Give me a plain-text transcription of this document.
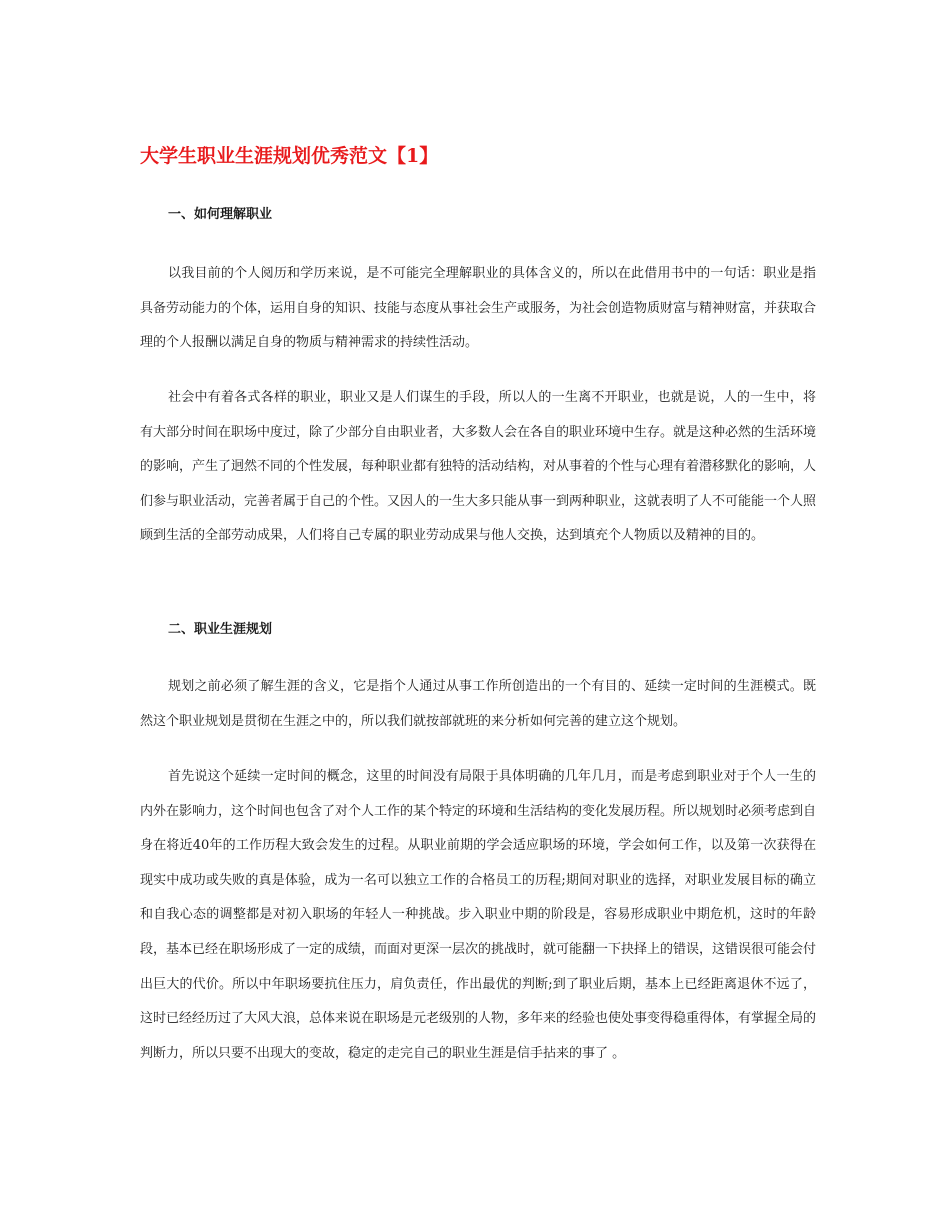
大学生职业生涯规划优秀范文【1】
一、如何理解职业

以我目前的个人阅历和学历来说，是不可能完全理解职业的具体含义的，所以在此借用书中的一句话：职业是指具备劳动能力的个体，运用自身的知识、技能与态度从事社会生产或服务，为社会创造物质财富与精神财富，并获取合理的个人报酬以满足自身的物质与精神需求的持续性活动。

社会中有着各式各样的职业，职业又是人们谋生的手段，所以人的一生离不开职业，也就是说，人的一生中，将有大部分时间在职场中度过，除了少部分自由职业者，大多数人会在各自的职业环境中生存。就是这种必然的生活环境的影响，产生了迥然不同的个性发展，每种职业都有独特的活动结构，对从事着的个性与心理有着潜移默化的影响，人们参与职业活动，完善者属于自己的个性。又因人的一生大多只能从事一到两种职业，这就表明了人不可能能一个人照顾到生活的全部劳动成果，人们将自己专属的职业劳动成果与他人交换，达到填充个人物质以及精神的目的。

二、职业生涯规划

规划之前必须了解生涯的含义，它是指个人通过从事工作所创造出的一个有目的、延续一定时间的生涯模式。既然这个职业规划是贯彻在生涯之中的，所以我们就按部就班的来分析如何完善的建立这个规划。

首先说这个延续一定时间的概念，这里的时间没有局限于具体明确的几年几月，而是考虑到职业对于个人一生的内外在影响力，这个时间也包含了对个人工作的某个特定的环境和生活结构的变化发展历程。所以规划时必须考虑到自身在将近40年的工作历程大致会发生的过程。从职业前期的学会适应职场的环境，学会如何工作，以及第一次获得在现实中成功或失败的真是体验，成为一名可以独立工作的合格员工的历程;期间对职业的选择，对职业发展目标的确立和自我心态的调整都是对初入职场的年轻人一种挑战。步入职业中期的阶段是，容易形成职业中期危机，这时的年龄段，基本已经在职场形成了一定的成绩，而面对更深一层次的挑战时，就可能翻一下抉择上的错误，这错误很可能会付出巨大的代价。所以中年职场要抗住压力，肩负责任，作出最优的判断;到了职业后期，基本上已经距离退休不远了，这时已经经历过了大风大浪，总体来说在职场是元老级别的人物，多年来的经验也使处事变得稳重得体，有掌握全局的判断力，所以只要不出现大的变故，稳定的走完自己的职业生涯是信手拈来的事了 。
